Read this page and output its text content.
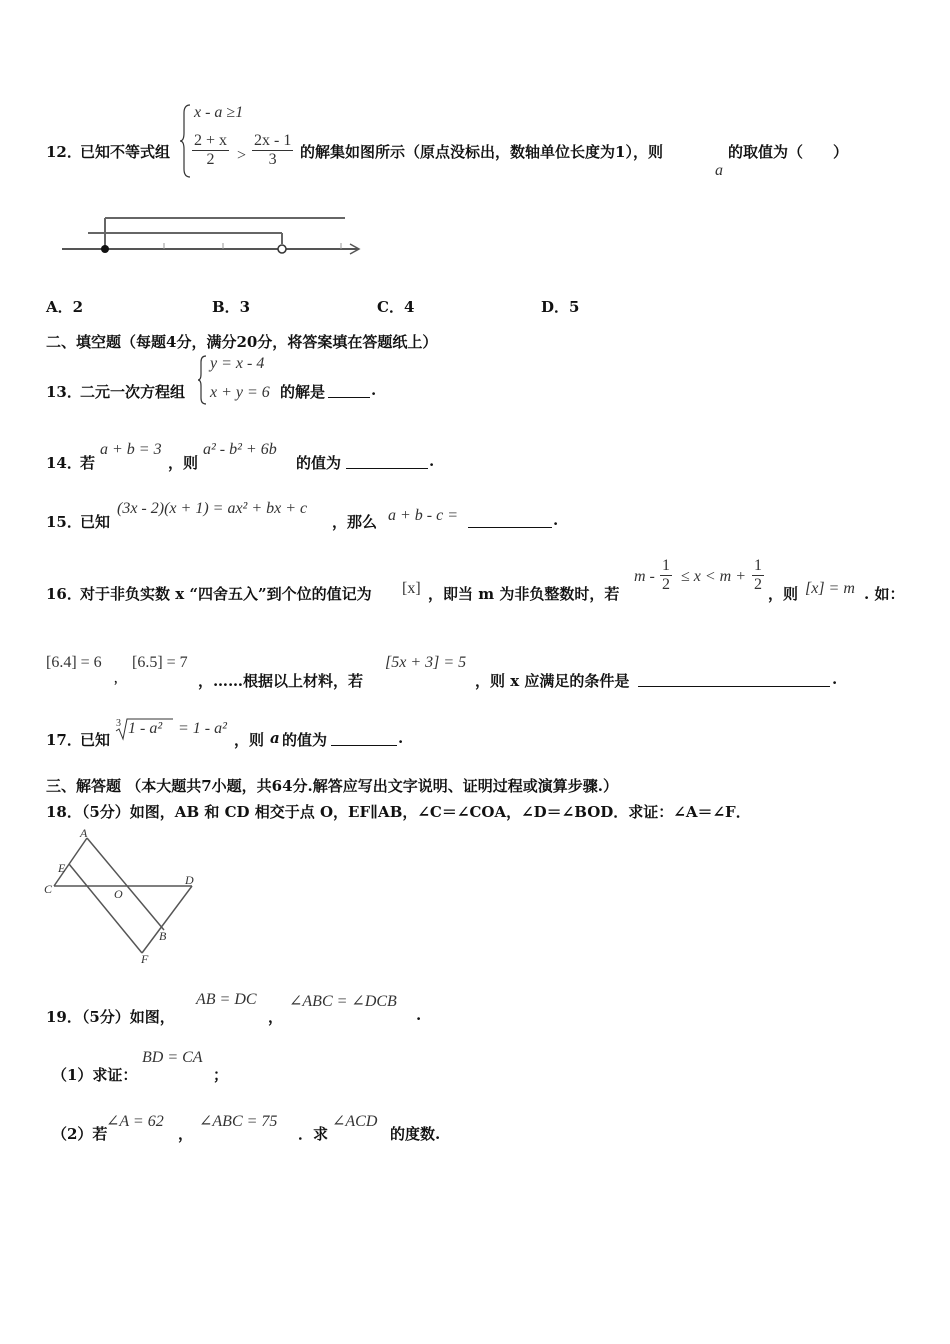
12．
已知不等式组
x - a ≥1
$\frac{2 + x}{2} > \frac{2x - 1}{3}$ 的解集如图所示（原点没标出，数轴单位长度为1），则
a
的取值为（　　）
A．2	B．3	C．4	D．5
二、填空题（每题4分，满分20分，将答案填在答题纸上）
13．
二元一次方程组
y = x - 4
x + y = 6 的解是	.
14．
若
a + b = 3
，则
a² - b² + 6b
的值为	.
15．
已知
(3x - 2)(x + 1) = ax² + bx + c
，那么 a + b - c =	.
16．
对于非负实数 x “四舍五入”到个位的值记为 [x] ，即当 m 为非负整数时，若
$m - \frac{1}{2} \le x < m + \frac{1}{2}$ ，则 [x] = m . 如：
[6.4] = 6
，
[6.5] = 7
，……根据以上材料，若
[5x + 3] = 5
，则 x 应满足的条件是	.
17．
已知
3 1 - a² = 1 - a²
，则 a 的值为	.
三、解答题 （本大题共7小题，共64分.解答应写出文字说明、证明过程或演算步骤.）
18．（5分）如图，AB 和 CD 相交于点 O，EF∥AB，∠C＝∠COA，∠D＝∠BOD．求证：∠A＝∠F．
A
E
C	O
D
B
F
19．（5分）如图，
AB = DC
，
∠ABC = ∠DCB
.
（1）求证：
BD = CA
；
（2）若
∠A = 62
，
∠ABC = 75
．求
∠ACD
的度数.
